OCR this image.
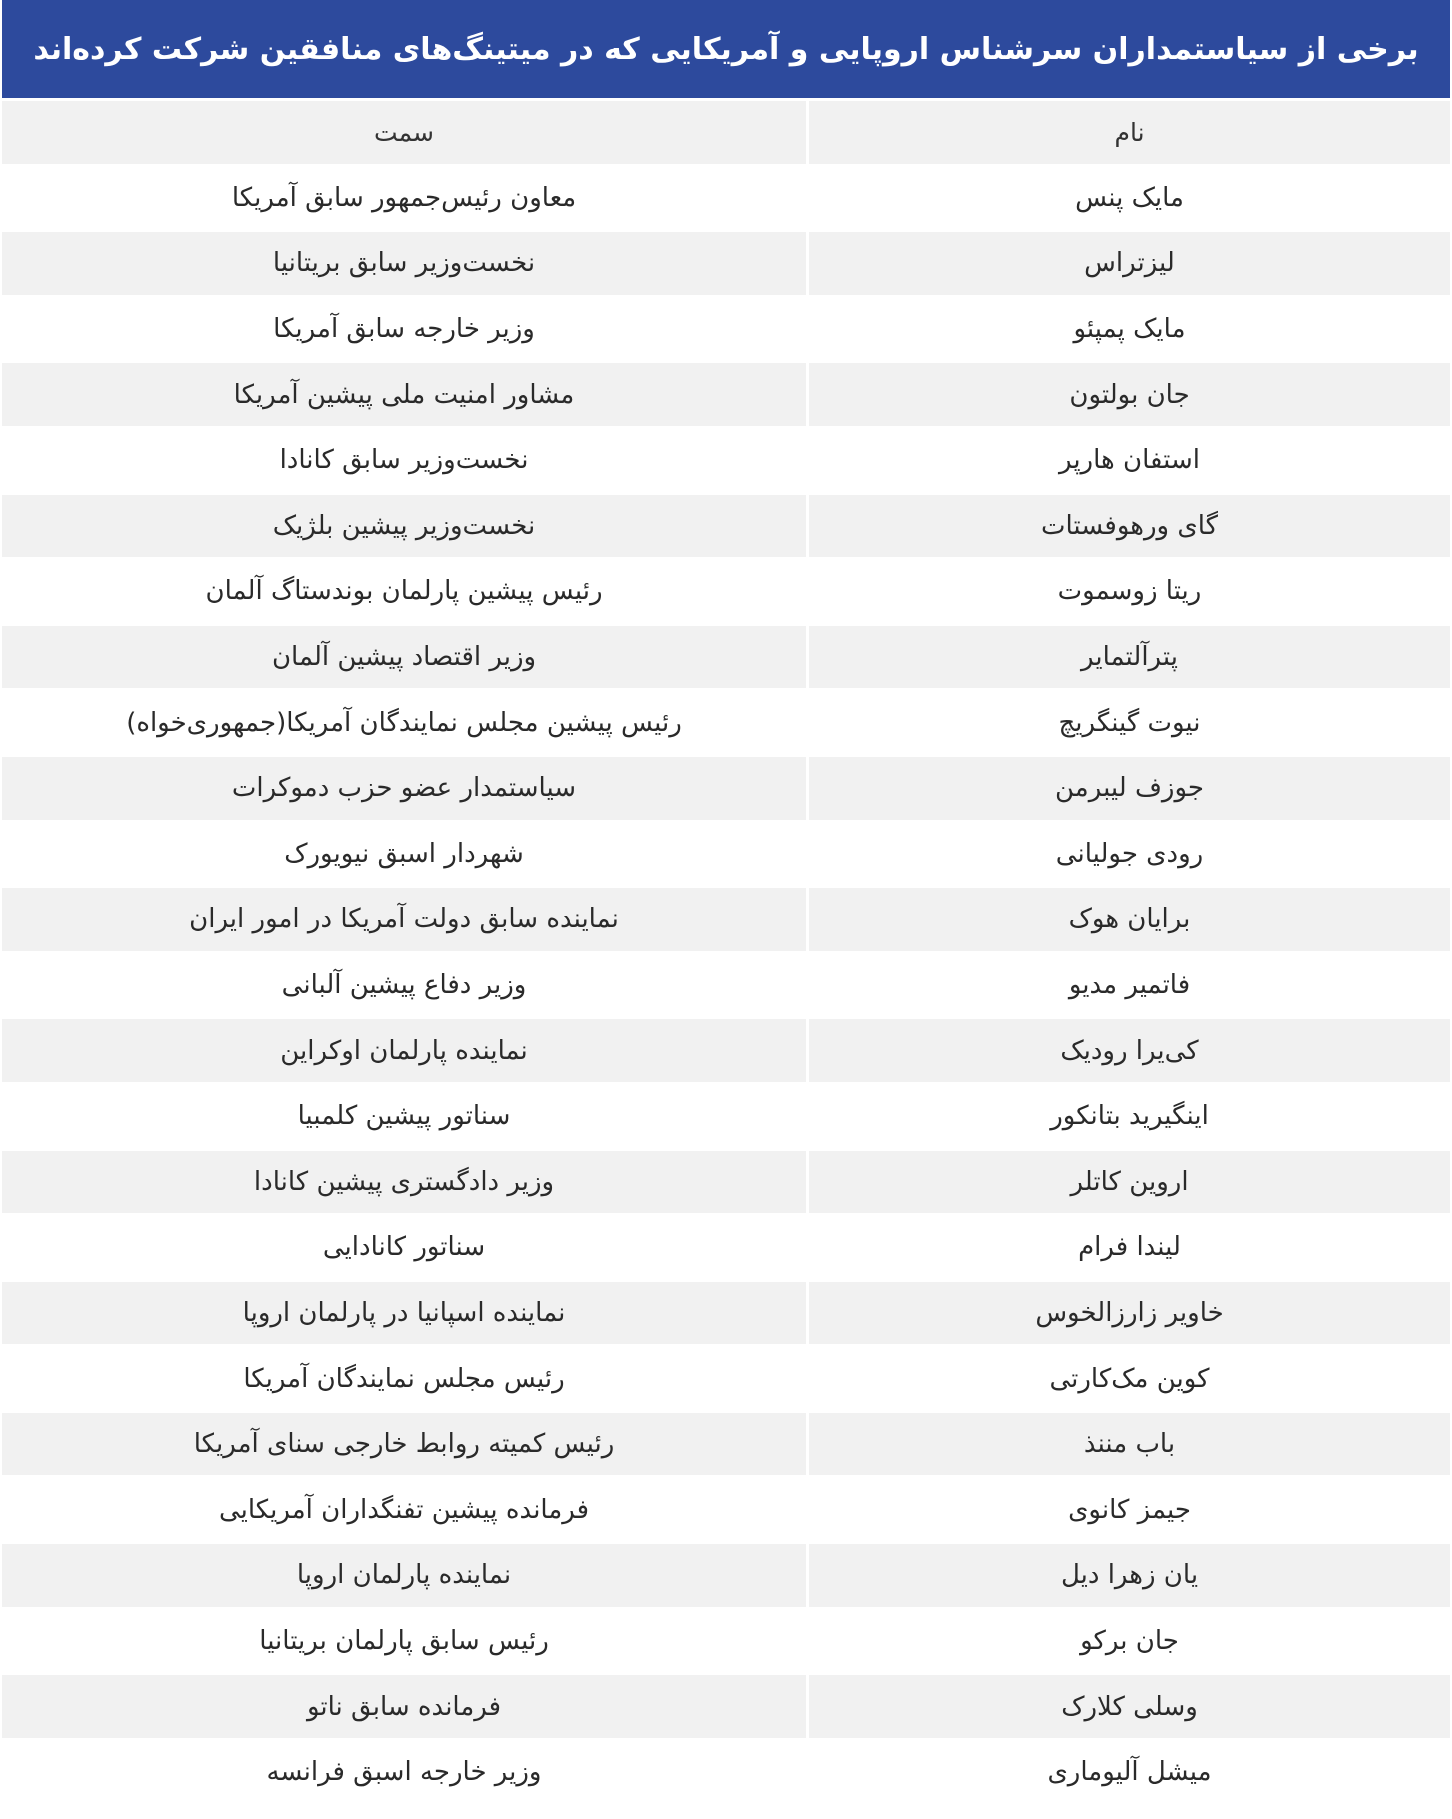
برخی از سیاستمداران سرشناس اروپایی و آمریکایی که در میتینگ‌های منافقین شرکت کرده‌اند
نام
سمت
مایک پنس
معاون رئیس‌جمهور سابق آمریکا
لیزتراس
نخست‌وزیر سابق بریتانیا
مایک پمپئو
وزیر خارجه سابق آمریکا
جان بولتون
مشاور امنیت ملی پیشین آمریکا
استفان هارپر
نخست‌وزیر سابق کانادا
گای ورهوفستات
نخست‌وزیر پیشین بلژیک
ریتا زوسموت
رئیس پیشین پارلمان بوندستاگ آلمان
پترآلتمایر
وزیر اقتصاد پیشین آلمان
نیوت گینگریچ
رئیس پیشین مجلس نمایندگان آمریکا(جمهوری‌خواه)
جوزف لیبرمن
سیاستمدار عضو حزب دموکرات
رودی جولیانی
شهردار اسبق نیویورک
برایان هوک
نماینده سابق دولت آمریکا در امور ایران
فاتمیر مدیو
وزیر دفاع پیشین آلبانی
کی‌یرا رودیک
نماینده پارلمان اوکراین
اینگیرید بتانکور
سناتور پیشین کلمبیا
اروین کاتلر
وزیر دادگستری پیشین کانادا
لیندا فرام
سناتور کانادایی
خاویر زارزالخوس
نماینده اسپانیا در پارلمان اروپا
کوین مک‌کارتی
رئیس مجلس نمایندگان آمریکا
باب مننذ
رئیس کمیته روابط خارجی سنای آمریکا
جیمز کانوی
فرمانده پیشین تفنگداران آمریکایی
یان زهرا دیل
نماینده پارلمان اروپا
جان برکو
رئیس سابق پارلمان بریتانیا
وسلی کلارک
فرمانده سابق ناتو
میشل آلیوماری
وزیر خارجه اسبق فرانسه
